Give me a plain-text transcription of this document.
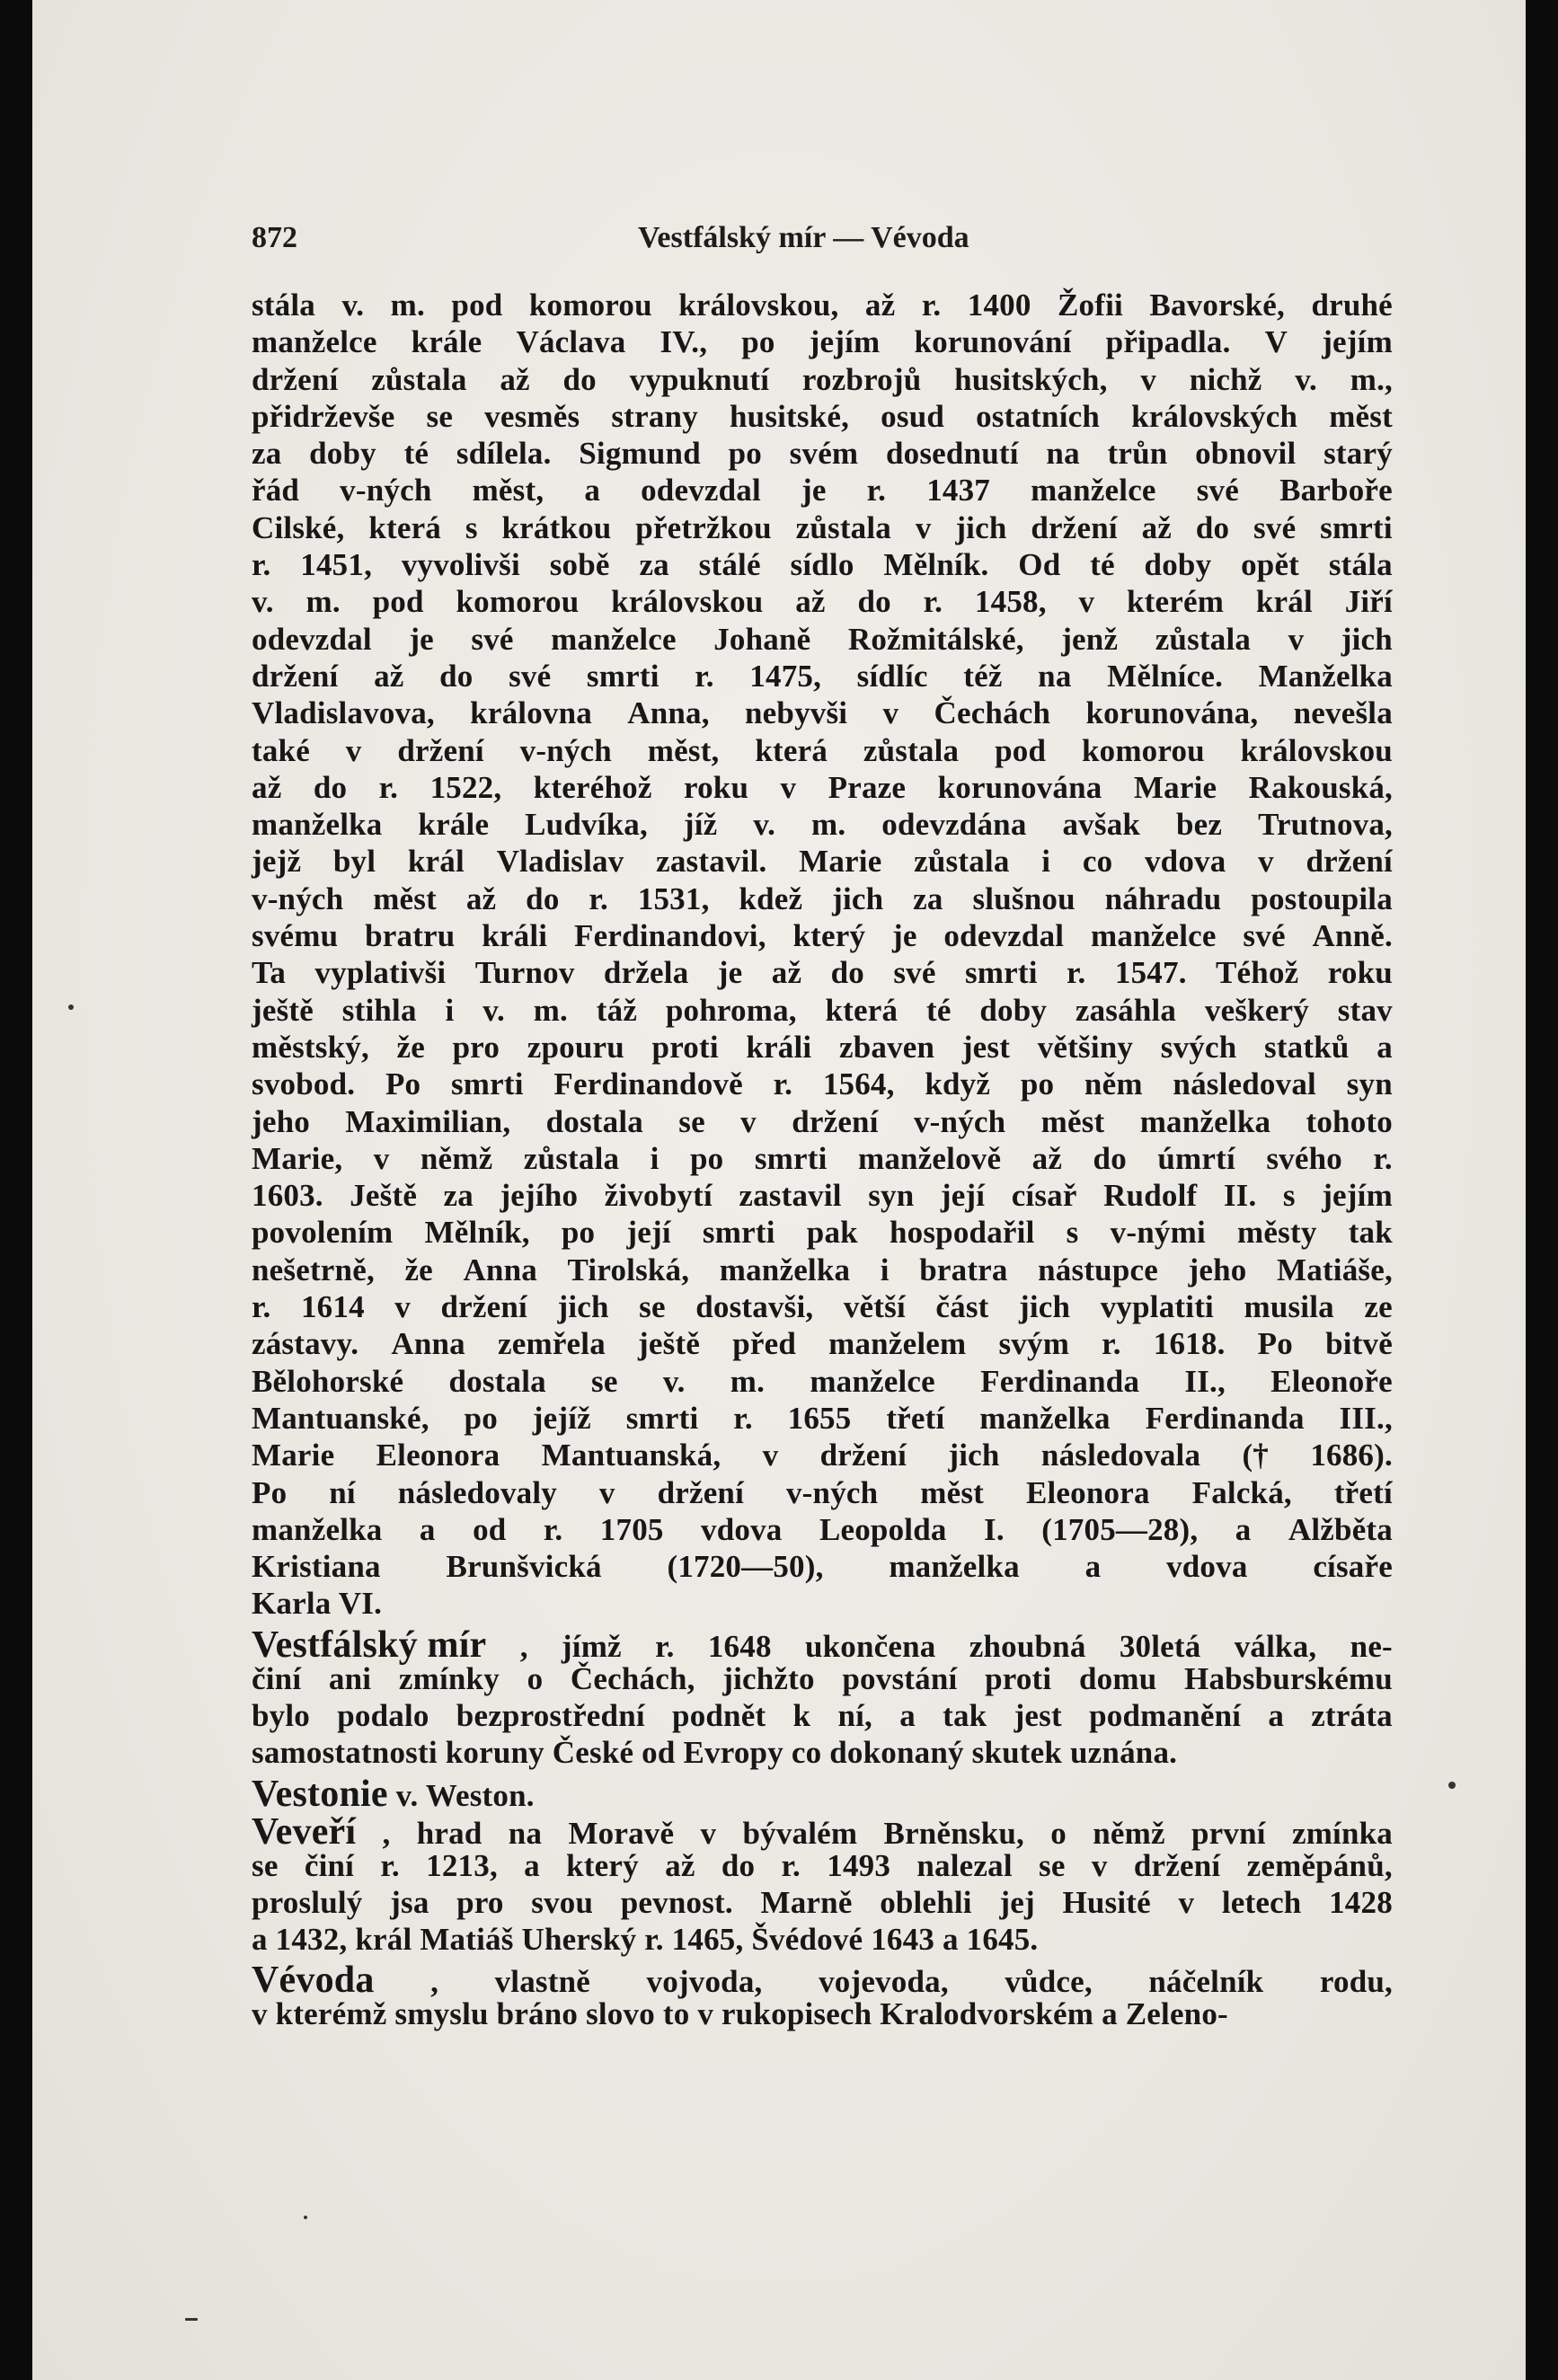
872	Vestfálský mír — Vévoda
stála v. m. pod komorou královskou, až r. 1400 Žofii Bavorské, druhé
manželce krále Václava IV., po jejím korunování připadla. V jejím
držení zůstala až do vypuknutí rozbrojů husitských, v nichž v. m.,
přidrževše se vesměs strany husitské, osud ostatních královských měst
za doby té sdílela. Sigmund po svém dosednutí na trůn obnovil starý
řád v-ných měst, a odevzdal je r. 1437 manželce své Barboře
Cilské, která s krátkou přetržkou zůstala v jich držení až do své smrti
r. 1451, vyvolivši sobě za stálé sídlo Mělník. Od té doby opět stála
v. m. pod komorou královskou až do r. 1458, v kterém král Jiří
odevzdal je své manželce Johaně Rožmitálské, jenž zůstala v jich
držení až do své smrti r. 1475, sídlíc též na Mělníce. Manželka
Vladislavova, královna Anna, nebyvši v Čechách korunována, nevešla
také v držení v-ných měst, která zůstala pod komorou královskou
až do r. 1522, kteréhož roku v Praze korunována Marie Rakouská,
manželka krále Ludvíka, jíž v. m. odevzdána avšak bez Trutnova,
jejž byl král Vladislav zastavil. Marie zůstala i co vdova v držení
v-ných měst až do r. 1531, kdež jich za slušnou náhradu postoupila
svému bratru králi Ferdinandovi, který je odevzdal manželce své Anně.
Ta vyplativši Turnov držela je až do své smrti r. 1547. Téhož roku
ještě stihla i v. m. táž pohroma, která té doby zasáhla veškerý stav
městský, že pro zpouru proti králi zbaven jest většiny svých statků a
svobod. Po smrti Ferdinandově r. 1564, když po něm následoval syn
jeho Maximilian, dostala se v držení v-ných měst manželka tohoto
Marie, v němž zůstala i po smrti manželově až do úmrtí svého r.
1603. Ještě za jejího živobytí zastavil syn její císař Rudolf II. s jejím
povolením Mělník, po její smrti pak hospodařil s v-nými městy tak
nešetrně, že Anna Tirolská, manželka i bratra nástupce jeho Matiáše,
r. 1614 v držení jich se dostavši, větší část jich vyplatiti musila ze
zástavy. Anna zemřela ještě před manželem svým r. 1618. Po bitvě
Bělohorské dostala se v. m. manželce Ferdinanda II., Eleonoře
Mantuanské, po jejíž smrti r. 1655 třetí manželka Ferdinanda III.,
Marie Eleonora Mantuanská, v držení jich následovala († 1686).
Po ní následovaly v držení v-ných měst Eleonora Falcká, třetí
manželka a od r. 1705 vdova Leopolda I. (1705—28), a Alžběta
Kristiana Brunšvická (1720—50), manželka a vdova císaře
Karla VI.
Vestfálský mír , jímž r. 1648 ukončena zhoubná 30letá válka, ne-
činí ani zmínky o Čechách, jichžto povstání proti domu Habsburskému
bylo podalo bezprostřední podnět k ní, a tak jest podmanění a ztráta
samostatnosti koruny České od Evropy co dokonaný skutek uznána.
Vestonie v. Weston.
Veveří , hrad na Moravě v bývalém Brněnsku, o němž první zmínka
se činí r. 1213, a který až do r. 1493 nalezal se v držení zeměpánů,
proslulý jsa pro svou pevnost. Marně oblehli jej Husité v letech 1428
a 1432, král Matiáš Uherský r. 1465, Švédové 1643 a 1645.
Vévoda , vlastně vojvoda, vojevoda, vůdce, náčelník rodu,
v kterémž smyslu bráno slovo to v rukopisech Kralodvorském a Zeleno-
